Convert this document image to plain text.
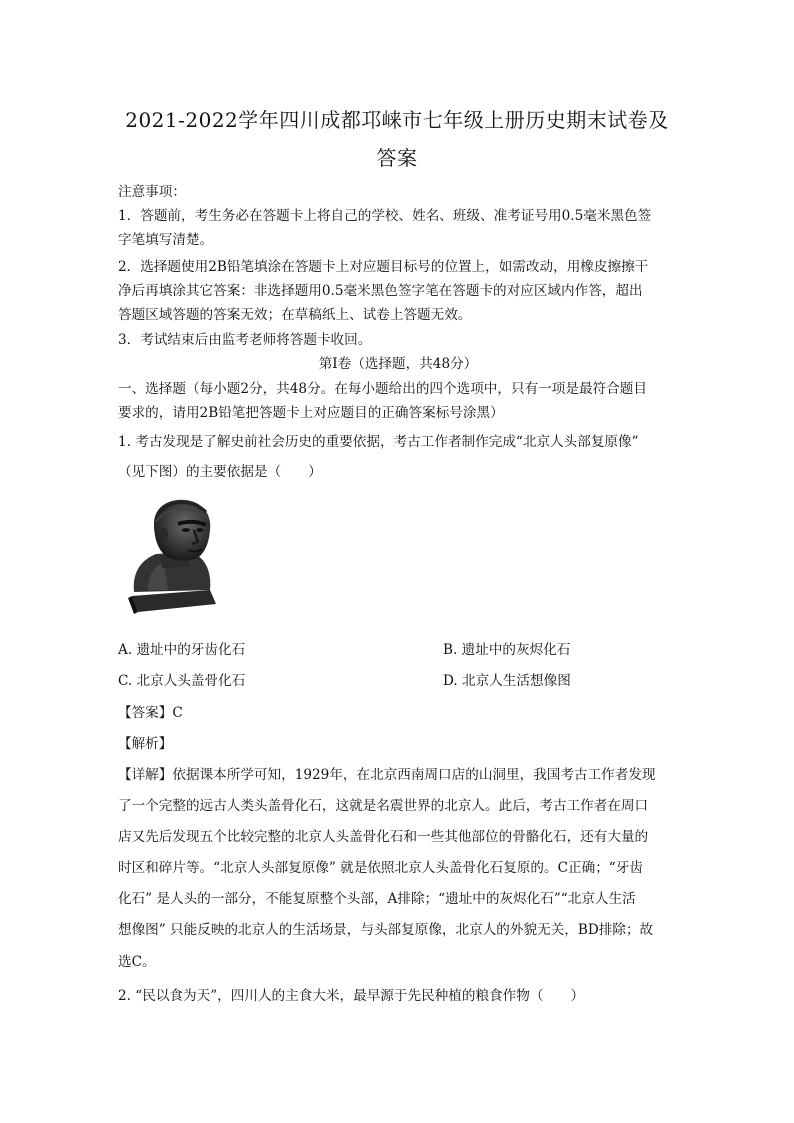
2021-2022学年四川成都邛崃市七年级上册历史期末试卷及
答案
注意事项：
1．答题前，考生务必在答题卡上将自己的学校、姓名、班级、准考证号用0.5毫米黑色签
字笔填写清楚。
2．选择题使用2B铅笔填涂在答题卡上对应题目标号的位置上，如需改动，用橡皮擦擦干
净后再填涂其它答案：非选择题用0.5毫米黑色签字笔在答题卡的对应区域内作答，超出
答题区域答题的答案无效；在草稿纸上、试卷上答题无效。
3．考试结束后由监考老师将答题卡收回。
第Ⅰ卷（选择题，共48分）
一、选择题（每小题2分，共48分。在每小题给出的四个选项中，只有一项是最符合题目
要求的，请用2B铅笔把答题卡上对应题目的正确答案标号涂黑）
1. 考古发现是了解史前社会历史的重要依据，考古工作者制作完成“北京人头部复原像”
（见下图）的主要依据是（　　）
A. 遗址中的牙齿化石	B. 遗址中的灰烬化石
C. 北京人头盖骨化石	D. 北京人生活想像图
【答案】C
【解析】
【详解】依据课本所学可知，1929年，在北京西南周口店的山洞里，我国考古工作者发现
了一个完整的远古人类头盖骨化石，这就是名震世界的北京人。此后，考古工作者在周口
店又先后发现五个比较完整的北京人头盖骨化石和一些其他部位的骨骼化石，还有大量的
时区和碎片等。“北京人头部复原像” 就是依照北京人头盖骨化石复原的。C正确；“牙齿
化石” 是人头的一部分，不能复原整个头部，A排除；“遗址中的灰烬化石”“北京人生活
想像图” 只能反映的北京人的生活场景，与头部复原像，北京人的外貌无关，BD排除；故
选C。
2. “民以食为天”，四川人的主食大米，最早源于先民种植的粮食作物（　　）
